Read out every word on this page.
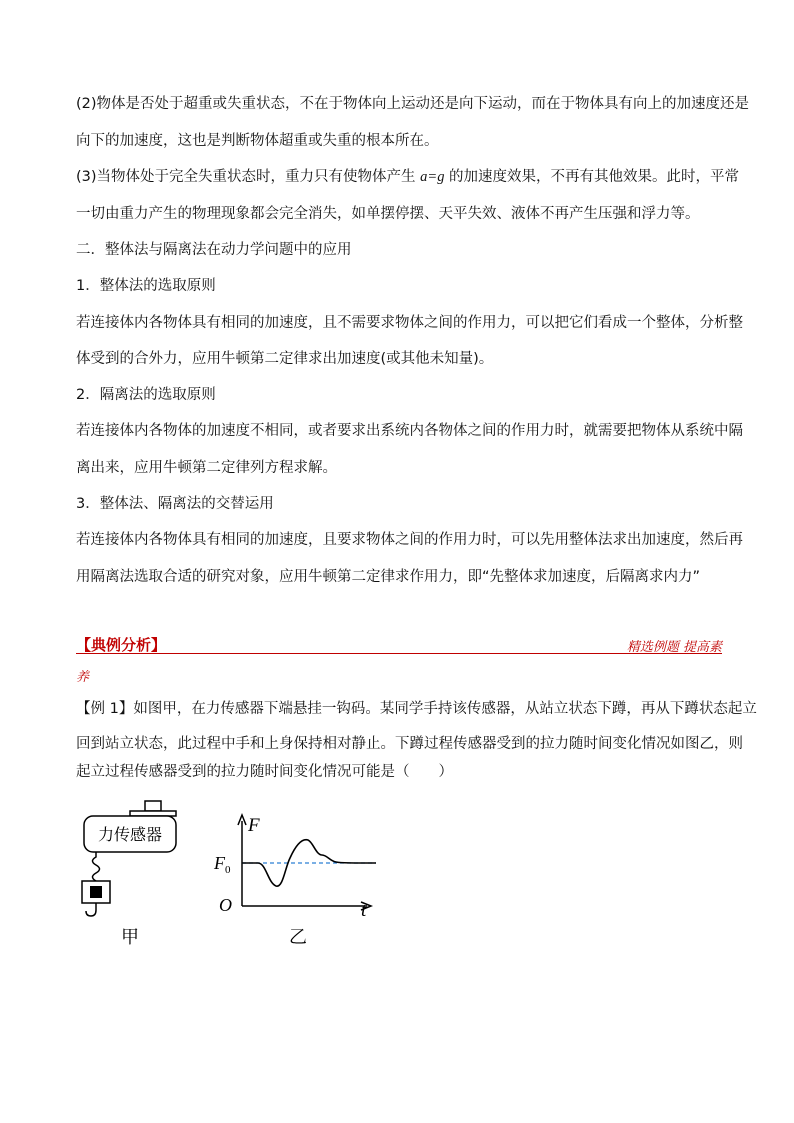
(2)物体是否处于超重或失重状态，不在于物体向上运动还是向下运动，而在于物体具有向上的加速度还是
向下的加速度，这也是判断物体超重或失重的根本所在。
(3)当物体处于完全失重状态时，重力只有使物体产生 a=g 的加速度效果，不再有其他效果。此时，平常
一切由重力产生的物理现象都会完全消失，如单摆停摆、天平失效、液体不再产生压强和浮力等。
二．整体法与隔离法在动力学问题中的应用
1．整体法的选取原则
若连接体内各物体具有相同的加速度，且不需要求物体之间的作用力，可以把它们看成一个整体，分析整
体受到的合外力，应用牛顿第二定律求出加速度(或其他未知量)。
2．隔离法的选取原则
若连接体内各物体的加速度不相同，或者要求出系统内各物体之间的作用力时，就需要把物体从系统中隔
离出来，应用牛顿第二定律列方程求解。
3．整体法、隔离法的交替运用
若连接体内各物体具有相同的加速度，且要求物体之间的作用力时，可以先用整体法求出加速度，然后再
用隔离法选取合适的研究对象，应用牛顿第二定律求作用力，即“先整体求加速度，后隔离求内力”
【典例分析】	精选例题 提高素
养
【例 1】如图甲，在力传感器下端悬挂一钩码。某同学手持该传感器，从站立状态下蹲，再从下蹲状态起立
回到站立状态，此过程中手和上身保持相对静止。下蹲过程传感器受到的拉力随时间变化情况如图乙，则
起立过程传感器受到的拉力随时间变化情况可能是（　　）
力传感器
甲
F
t
O
$F_0$
乙
